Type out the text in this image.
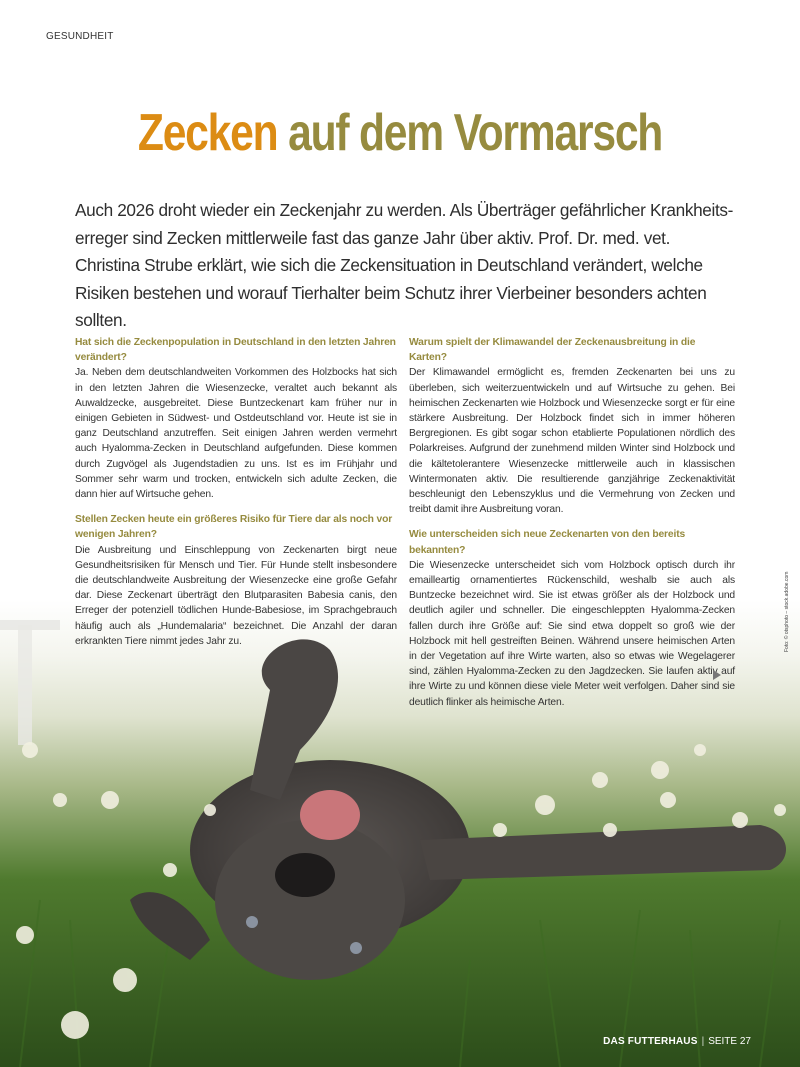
GESUNDHEIT
Zecken auf dem Vormarsch
Auch 2026 droht wieder ein Zeckenjahr zu werden. Als Überträger gefährlicher Krankheitserreger sind Zecken mittlerweile fast das ganze Jahr über aktiv. Prof. Dr. med. vet. Christina Strube erklärt, wie sich die Zeckensituation in Deutschland verändert, welche Risiken bestehen und worauf Tierhalter beim Schutz ihrer Vierbeiner besonders achten sollten.
Hat sich die Zeckenpopulation in Deutschland in den letzten Jahren verändert?

Ja. Neben dem deutschlandweiten Vorkommen des Holzbocks hat sich in den letzten Jahren die Wiesenzecke, veraltet auch bekannt als Auwaldzecke, ausgebreitet. Diese Buntzeckenart kam früher nur in einigen Gebieten in Südwest- und Ostdeutschland vor. Heute ist sie in ganz Deutschland anzutreffen. Seit einigen Jahren werden vermehrt auch Hyalomma-Zecken in Deutschland aufgefunden. Diese kommen durch Zugvögel als Jugendstadien zu uns. Ist es im Frühjahr und Sommer sehr warm und trocken, entwickeln sich adulte Zecken, die dann hier auf Wirtsuche gehen.

Stellen Zecken heute ein größeres Risiko für Tiere dar als noch vor wenigen Jahren?

Die Ausbreitung und Einschleppung von Zeckenarten birgt neue Gesundheitsrisiken für Mensch und Tier. Für Hunde stellt insbesondere die deutschlandweite Ausbreitung der Wiesenzecke eine große Gefahr dar. Diese Zeckenart überträgt den Blutparasiten Babesia canis, den Erreger der potenziell tödlichen Hunde-Babesiose, im Sprachgebrauch häufig auch als „Hundemalaria“ bezeichnet. Die Anzahl der daran erkrankten Tiere nimmt jedes Jahr zu.

Warum spielt der Klimawandel der Zeckenausbreitung in die Karten?

Der Klimawandel ermöglicht es, fremden Zeckenarten bei uns zu überleben, sich weiterzuentwickeln und auf Wirtsuche zu gehen. Bei heimischen Zeckenarten wie Holzbock und Wiesenzecke sorgt er für eine stärkere Ausbreitung. Der Holzbock findet sich in immer höheren Bergregionen. Es gibt sogar schon etablierte Populationen nördlich des Polarkreises. Aufgrund der zunehmend milden Winter sind Holzbock und die kältetolerantere Wiesenzecke mittlerweile auch in klassischen Wintermonaten aktiv. Die resultierende ganzjährige Zeckenaktivität beschleunigt den Lebenszyklus und die Vermehrung von Zecken und treibt damit ihre Ausbreitung voran.

Wie unterscheiden sich neue Zeckenarten von den bereits bekannten?

Die Wiesenzecke unterscheidet sich vom Holzbock optisch durch ihr emailleartig ornamentiertes Rückenschild, weshalb sie auch als Buntzecke bezeichnet wird. Sie ist etwas größer als der Holzbock und deutlich agiler und schneller. Die eingeschleppten Hyalomma-Zecken fallen durch ihre Größe auf: Sie sind etwa doppelt so groß wie der Holzbock mit hell gestreiften Beinen. Während unsere heimischen Arten in der Vegetation auf ihre Wirte warten, also so etwas wie Wegelagerer sind, zählen Hyalomma-Zecken zu den Jagdzecken. Sie laufen aktiv auf ihre Wirte zu und können diese viele Meter weit verfolgen. Daher sind sie deutlich flinker als heimische Arten.

Foto: © otsphoto – stock.adobe.com
DAS FUTTERHAUS | SEITE 27
